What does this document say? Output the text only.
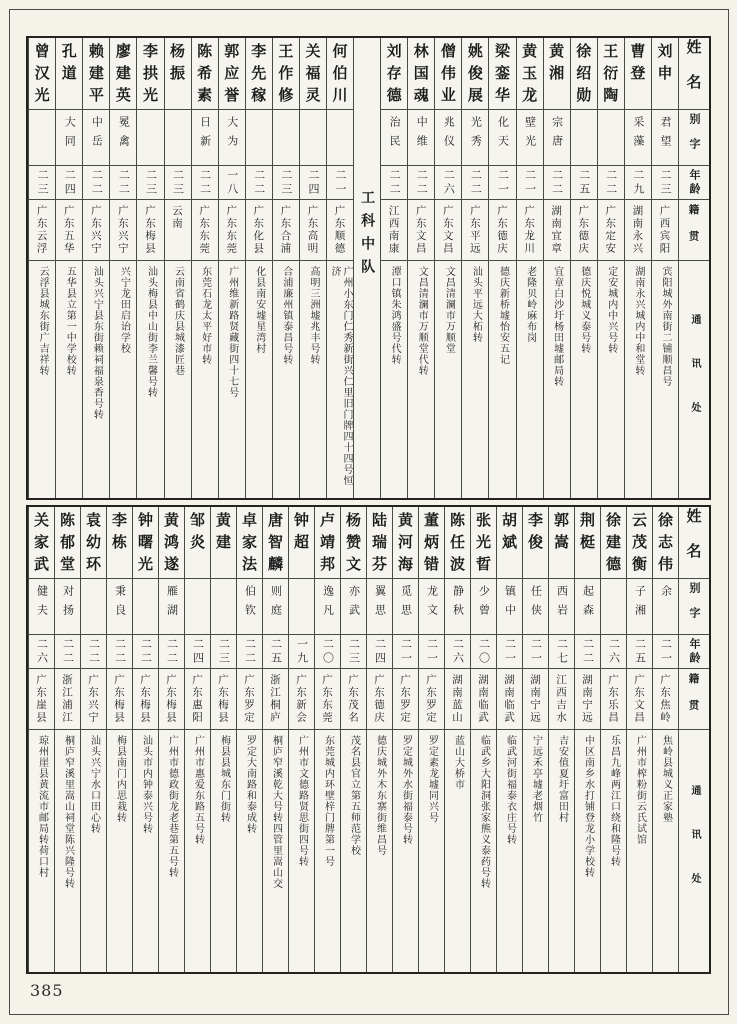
姓名
别字
年龄
籍贯
通讯处
刘申
君望
二三
广西宾阳
宾阳城外南街二铺顺昌号
曹登
采藻
二九
湖南永兴
湖南永兴城内中和堂转
王衍陶
二二
广东定安
定安城内中兴号转
徐绍勋
二五
广东德庆
德庆悦城义泰号转
黄湘
宗唐
二二
湖南宜章
宜章白沙圩杨田墟邮局转
黄玉龙
壁光
二一
广东龙川
老隆贝岭麻布岗
梁銮华
化天
二一
广东德庆
德庆新桥墟怡安五记
姚俊展
光秀
二二
广东平远
汕头平远大柘转
僧伟业
兆仪
二六
广东文昌
文昌清澜市万顺堂
林国魂
中维
二二
广东文昌
文昌清澜市万顺堂代转
刘存德
治民
二二
江西南康
潭口镇朱鸿盛号代转
工科中队
何伯川
二一
广东顺德
广州小东门仁秀新街兴仁里旧门牌四十四号恒济
关福灵
二四
广东高明
高明三洲墟兆丰号转
王作修
二三
广东合浦
合浦廉州镇泰昌号转
李先稼
二二
广东化县
化县南安墟星湾村
郭应誉
大为
一八
广东东莞
广州维新路贤藏街四十七号
陈希素
日新
二二
广东东莞
东莞石龙太平好市转
杨振
二三
云南
云南省鹤庆县城漆匠巷
李拱光
二三
广东梅县
汕头梅县中山街李兰馨号转
廖建英
冕禽
二二
广东兴宁
兴宁龙田启诒学校
赖建平
中岳
二二
广东兴宁
汕头兴宁县东街赖祠福泉香号转
孔道
大同
二四
广东五华
五华县立第一中学校转
曾汉光
二三
广东云浮
云浮县城东街广吉祥转
姓名
别字
年龄
籍贯
通讯处
徐志伟
余
二一
广东焦岭
焦岭县城义正家塾
云茂衡
子湘
二五
广东文昌
广州市榨粉街云氏试馆
徐建德
二六
广东乐昌
乐昌九峰两江口绕和隆号转
荆梃
起森
二二
湖南宁远
中区南乡水打铺登龙小学校转
郭嵩
西岩
二七
江西吉水
吉安值夏圩富田村
李俊
任侠
二一
湖南宁远
宁远禾亭墟老烟竹
胡斌
镇中
二一
湖南临武
临武河街福泰衣庄号转
张光晢
少曾
二〇
湖南临武
临武乡大阳洞张家熊义泰药号转
陈任波
静秋
二六
湖南蓝山
蓝山大桥市
董炳错
龙文
二一
广东罗定
罗定素龙墟同兴号
黄河海
觅思
二一
广东罗定
罗定城外水街福泰号转
陆瑞芬
翼思
二四
广东德庆
德庆城外木东寨街维昌号
杨赞文
亦武
二三
广东茂名
茂名县官立第五师范学校
卢靖邦
逸凡
二〇
广东东莞
东莞城内环壁梓门牌第一号
钟超
一九
广东新会
广州市文德路贤思街四号转
唐智麟
则庭
二五
浙江桐庐
桐庐窄溪乾大号转四管里嵩山交
卓家法
伯钦
二二
广东罗定
罗定大南路和泰成转
黄建
二三
广东梅县
梅县县城东门街转
邹炎
二四
广东惠阳
广州市惠爱东路五号转
黄鸿遂
雁湖
二二
广东梅县
广州市德政街龙老巷第五号转
钟曙光
二二
广东梅县
汕头市内钟泰兴号转
李栋
秉良
二二
广东梅县
梅县南门内思栽转
袁幼环
二二
广东兴宁
汕头兴宁水口田心转
陈郁堂
对扬
二二
浙江浦江
桐庐窄溪里嵩山祠堂陈兴隆号转
关家武
健夫
二六
广东崖县
琼州崖县黄流市邮局转荷口村
385
